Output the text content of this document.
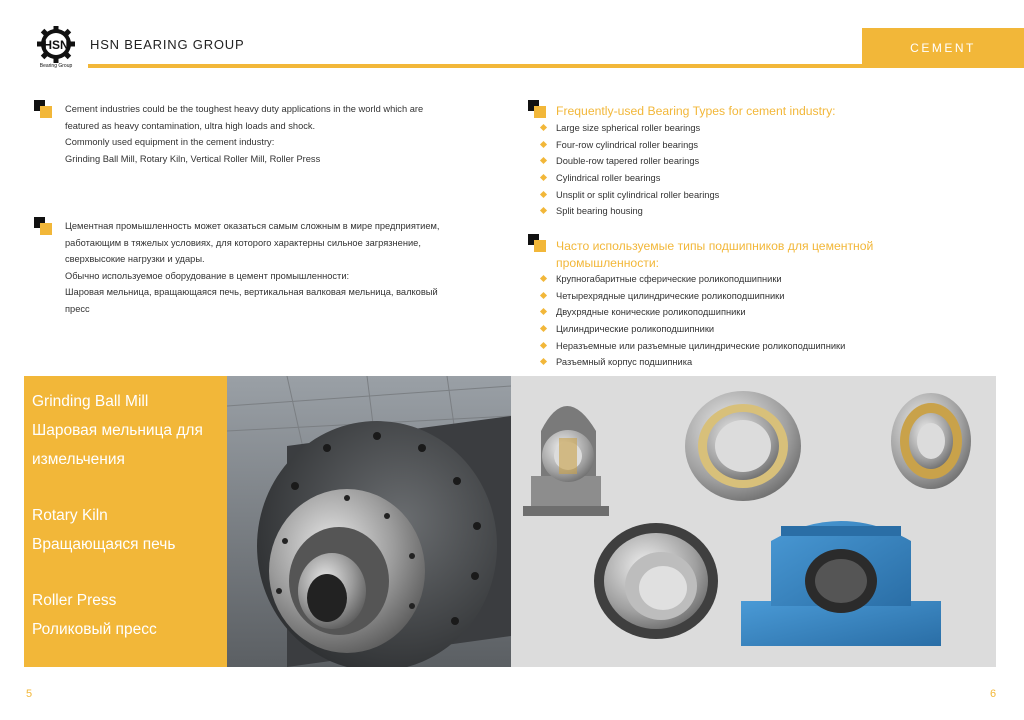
HSN
Bearing Group
HSN BEARING GROUP	CEMENT
Cement industries could be the toughest heavy duty applications in the world which are
featured as heavy contamination, ultra high loads and shock.
Commonly used equipment in the cement industry:
Grinding Ball Mill, Rotary Kiln, Vertical Roller Mill, Roller Press
Цементная промышленность может оказаться самым сложным в мире предприятием,
работающим в тяжелых условиях, для которого характерны сильное загрязнение,
сверхвысокие нагрузки и удары.
Обычно используемое оборудование в цемент промышленности:
Шаровая мельница, вращающаяся печь, вертикальная валковая мельница, валковый
пресс
Frequently-used Bearing Types for cement industry:
Large size spherical roller bearings
Four-row cylindrical roller bearings
Double-row tapered roller bearings
Cylindrical roller bearings
Unsplit or split cylindrical roller bearings
Split bearing housing
Часто используемые типы подшипников для цементной
промышленности:
Крупногабаритные сферические роликоподшипники
Четырехрядные цилиндрические роликоподшипники
Двухрядные конические роликоподшипники
Цилиндрические роликоподшипники
Неразъемные или разъемные цилиндрические роликоподшипники
Разъемный корпус подшипника
Grinding Ball Mill
Шаровая мельница для
измельчения
Rotary Kiln
Вращающаяся печь
Roller Press
Роликовый пресс
5	6
